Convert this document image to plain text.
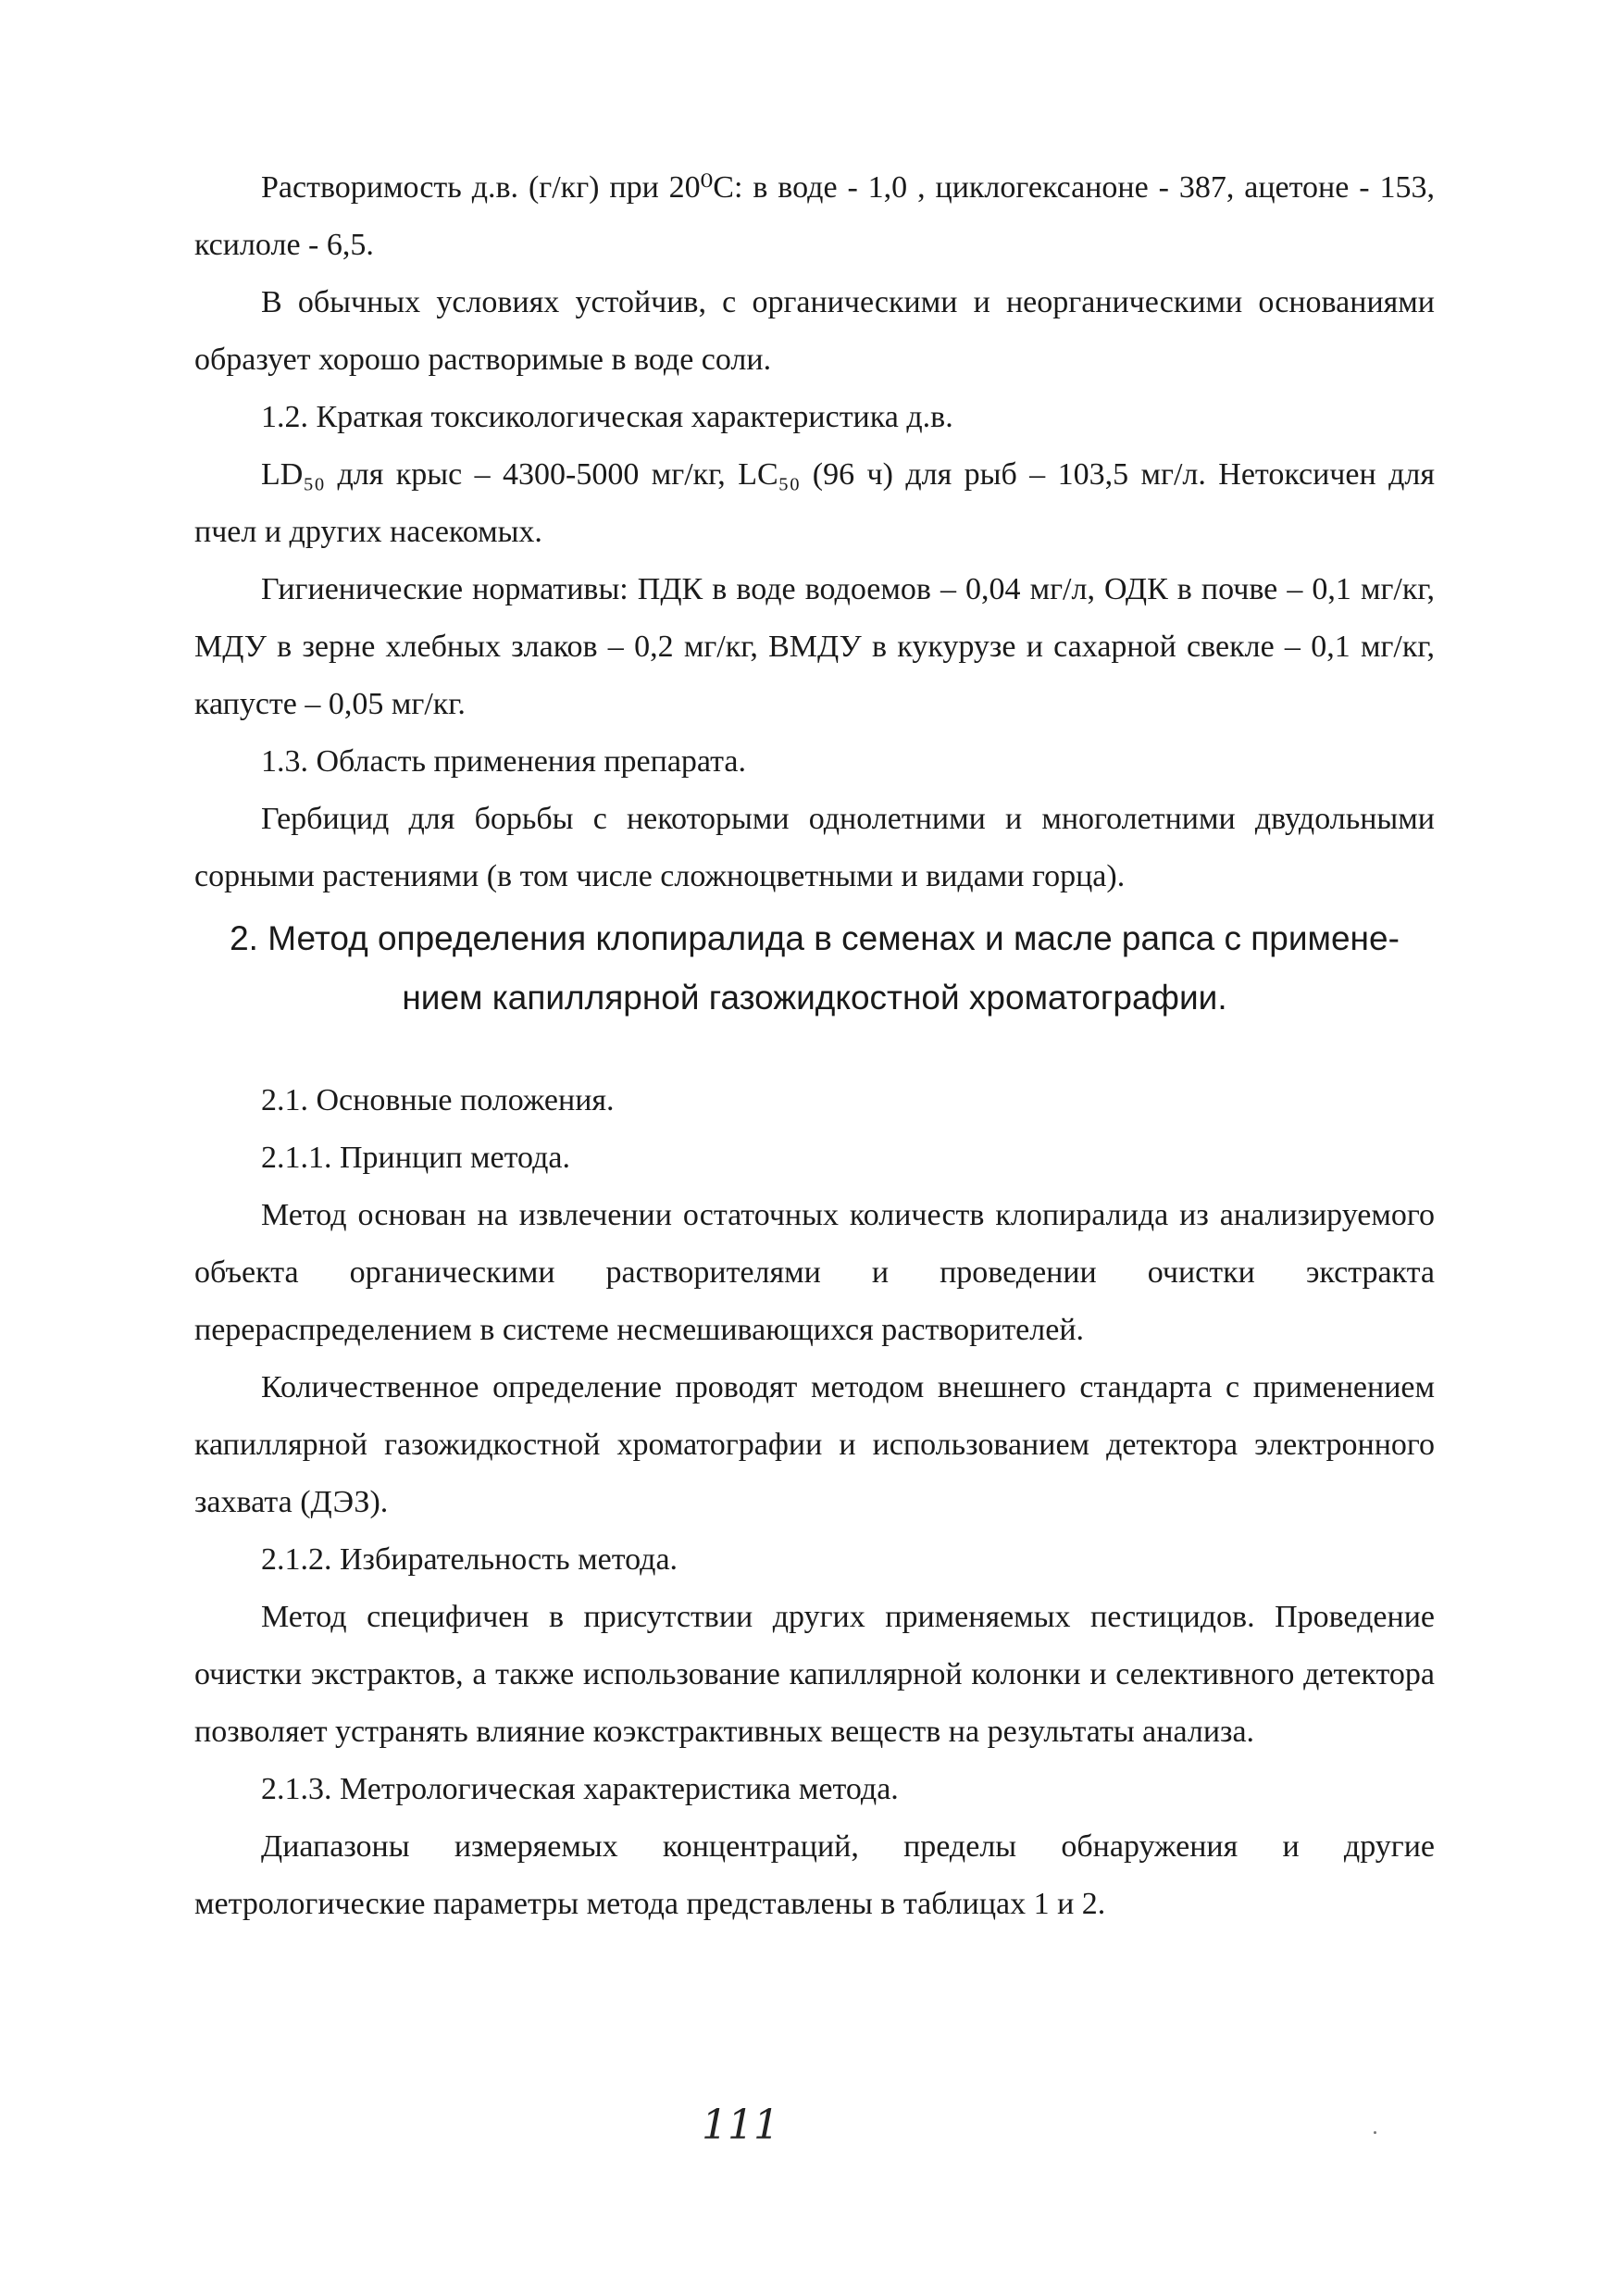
Растворимость д.в. (г/кг) при 20⁰С: в воде - 1,0 , циклогексаноне - 387, ацетоне - 153, ксилоле - 6,5.

В обычных условиях устойчив, с органическими и неорганическими основаниями образует хорошо растворимые в воде соли.

1.2. Краткая токсикологическая характеристика д.в.

LD₅₀ для крыс – 4300-5000 мг/кг, LC₅₀ (96 ч) для рыб – 103,5 мг/л. Нетоксичен для пчел и других насекомых.

Гигиенические нормативы: ПДК в воде водоемов – 0,04 мг/л, ОДК в почве – 0,1 мг/кг, МДУ в зерне хлебных злаков – 0,2 мг/кг, ВМДУ в кукурузе и сахарной свекле – 0,1 мг/кг, капусте – 0,05 мг/кг.

1.3. Область применения препарата.

Гербицид для борьбы с некоторыми однолетними и многолетними двудольными сорными растениями (в том числе сложноцветными и видами горца).

2. Метод определения клопиралида в семенах и масле рапса с примене-
нием капиллярной газожидкостной хроматографии.

2.1. Основные положения.

2.1.1. Принцип метода.

Метод основан на извлечении остаточных количеств клопиралида из анализируемого объекта органическими растворителями и проведении очистки экстракта перераспределением в системе несмешивающихся растворителей.

Количественное определение проводят методом внешнего стандарта с применением капиллярной газожидкостной хроматографии и использованием детектора электронного захвата (ДЭЗ).

2.1.2. Избирательность метода.

Метод специфичен в присутствии других применяемых пестицидов. Проведение очистки экстрактов, а также использование капиллярной колонки и селективного детектора позволяет устранять влияние коэкстрактивных веществ на результаты анализа.

2.1.3. Метрологическая характеристика метода.

Диапазоны измеряемых концентраций, пределы обнаружения и другие метрологические параметры метода представлены в таблицах 1 и 2.

111
